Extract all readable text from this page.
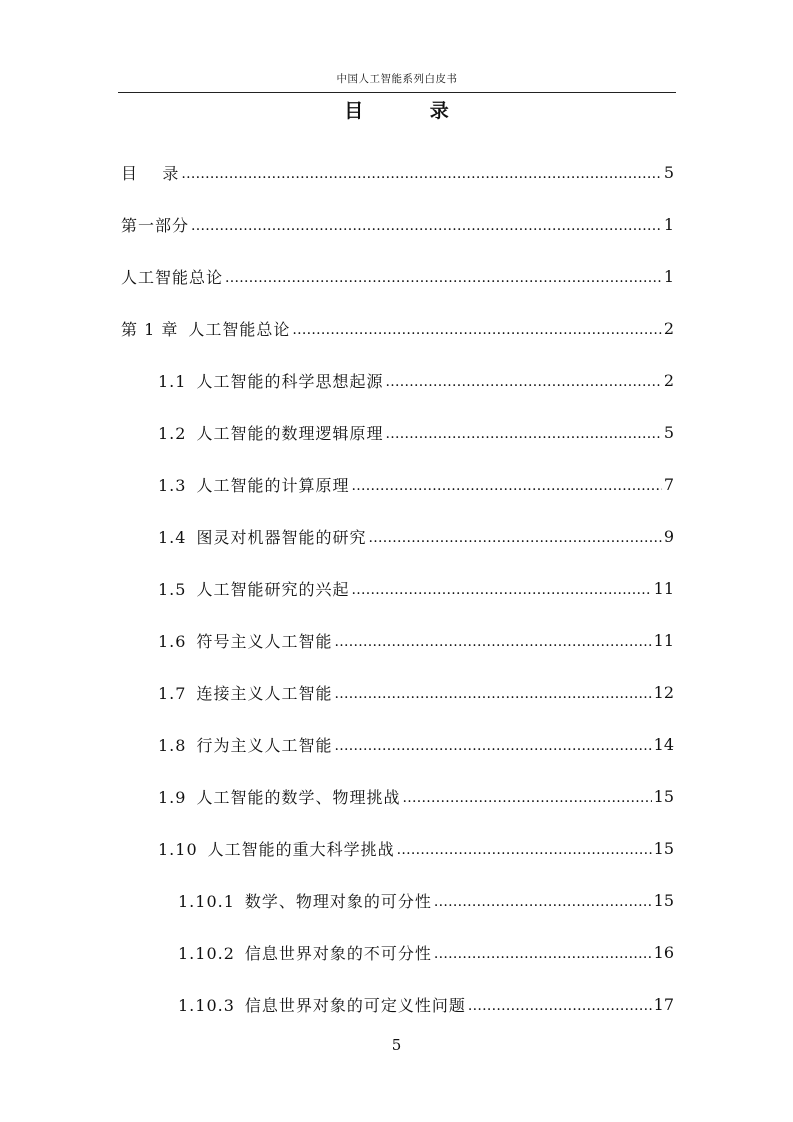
中国人工智能系列白皮书
目 录
目    录 .....	5
第一部分 .....	1
人工智能总论 .....	1
第 1 章 人工智能总论 .....	2
1.1 人工智能的科学思想起源 .....	2
1.2 人工智能的数理逻辑原理 .....	5
1.3 人工智能的计算原理 .....	7
1.4 图灵对机器智能的研究 .....	9
1.5 人工智能研究的兴起 .....	11
1.6 符号主义人工智能 .....	11
1.7 连接主义人工智能 .....	12
1.8 行为主义人工智能 .....	14
1.9 人工智能的数学、物理挑战 .....	15
1.10 人工智能的重大科学挑战 .....	15
1.10.1 数学、物理对象的可分性 .....	15
1.10.2 信息世界对象的不可分性 .....	16
1.10.3 信息世界对象的可定义性问题 .....	17
5
